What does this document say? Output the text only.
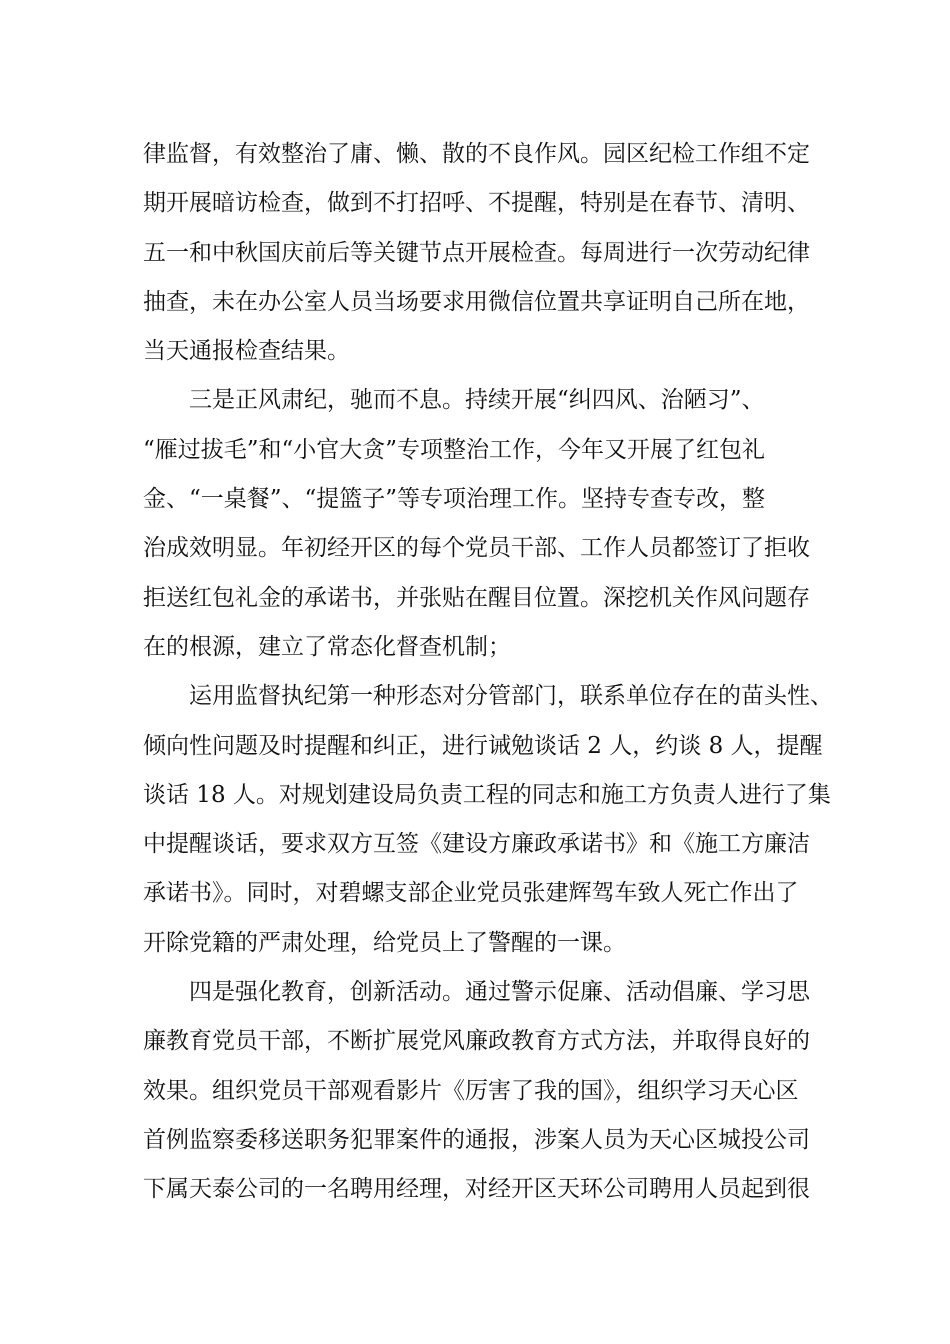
律监督，有效整治了庸、懒、散的不良作风。园区纪检工作组不定
期开展暗访检查，做到不打招呼、不提醒，特别是在春节、清明、
五一和中秋国庆前后等关键节点开展检查。每周进行一次劳动纪律
抽查，未在办公室人员当场要求用微信位置共享证明自己所在地，
当天通报检查结果。
三是正风肃纪，驰而不息。持续开展“纠四风、治陋习”、
“雁过拔毛”和“小官大贪”专项整治工作，今年又开展了红包礼
金、“一桌餐”、“提篮子”等专项治理工作。坚持专查专改，整
治成效明显。年初经开区的每个党员干部、工作人员都签订了拒收
拒送红包礼金的承诺书，并张贴在醒目位置。深挖机关作风问题存
在的根源，建立了常态化督查机制；
运用监督执纪第一种形态对分管部门，联系单位存在的苗头性、
倾向性问题及时提醒和纠正，进行诫勉谈话 2 人，约谈 8 人，提醒
谈话 18 人。对规划建设局负责工程的同志和施工方负责人进行了集
中提醒谈话，要求双方互签《建设方廉政承诺书》和《施工方廉洁
承诺书》。同时，对碧螺支部企业党员张建辉驾车致人死亡作出了
开除党籍的严肃处理，给党员上了警醒的一课。
四是强化教育，创新活动。通过警示促廉、活动倡廉、学习思
廉教育党员干部，不断扩展党风廉政教育方式方法，并取得良好的
效果。组织党员干部观看影片《厉害了我的国》，组织学习天心区
首例监察委移送职务犯罪案件的通报，涉案人员为天心区城投公司
下属天泰公司的一名聘用经理，对经开区天环公司聘用人员起到很
